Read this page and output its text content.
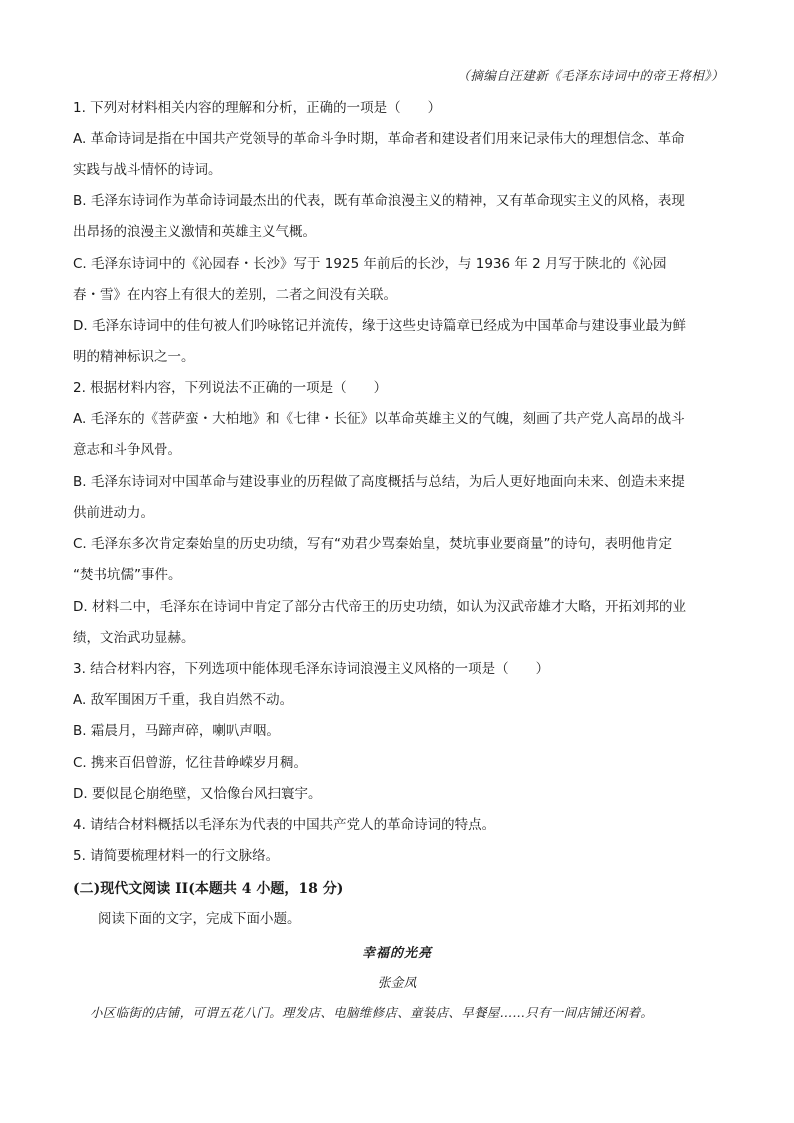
（摘编自汪建新《毛泽东诗词中的帝王将相》）
1. 下列对材料相关内容的理解和分析，正确的一项是（　　）
A. 革命诗词是指在中国共产党领导的革命斗争时期，革命者和建设者们用来记录伟大的理想信念、革命
实践与战斗情怀的诗词。
B. 毛泽东诗词作为革命诗词最杰出的代表，既有革命浪漫主义的精神，又有革命现实主义的风格，表现
出昂扬的浪漫主义激情和英雄主义气概。
C. 毛泽东诗词中的《沁园春・长沙》写于 1925 年前后的长沙，与 1936 年 2 月写于陕北的《沁园
春・雪》在内容上有很大的差别，二者之间没有关联。
D. 毛泽东诗词中的佳句被人们吟咏铭记并流传，缘于这些史诗篇章已经成为中国革命与建设事业最为鲜
明的精神标识之一。
2. 根据材料内容，下列说法不正确的一项是（　　）
A. 毛泽东的《菩萨蛮・大柏地》和《七律・长征》以革命英雄主义的气魄，刻画了共产党人高昂的战斗
意志和斗争风骨。
B. 毛泽东诗词对中国革命与建设事业的历程做了高度概括与总结，为后人更好地面向未来、创造未来提
供前进动力。
C. 毛泽东多次肯定秦始皇的历史功绩，写有“劝君少骂秦始皇，焚坑事业要商量”的诗句，表明他肯定
“焚书坑儒”事件。
D. 材料二中，毛泽东在诗词中肯定了部分古代帝王的历史功绩，如认为汉武帝雄才大略，开拓刘邦的业
绩，文治武功显赫。
3. 结合材料内容，下列选项中能体现毛泽东诗词浪漫主义风格的一项是（　　）
A. 敌军围困万千重，我自岿然不动。
B. 霜晨月，马蹄声碎，喇叭声咽。
C. 携来百侣曾游，忆往昔峥嵘岁月稠。
D. 要似昆仑崩绝壁，又恰像台风扫寰宇。
4. 请结合材料概括以毛泽东为代表的中国共产党人的革命诗词的特点。
5. 请简要梳理材料一的行文脉络。
(二)现代文阅读 II(本题共 4 小题，18 分)
阅读下面的文字，完成下面小题。
幸福的光亮
张金凤
小区临街的店铺，可谓五花八门。理发店、电脑维修店、童装店、早餐屋……只有一间店铺还闲着。
